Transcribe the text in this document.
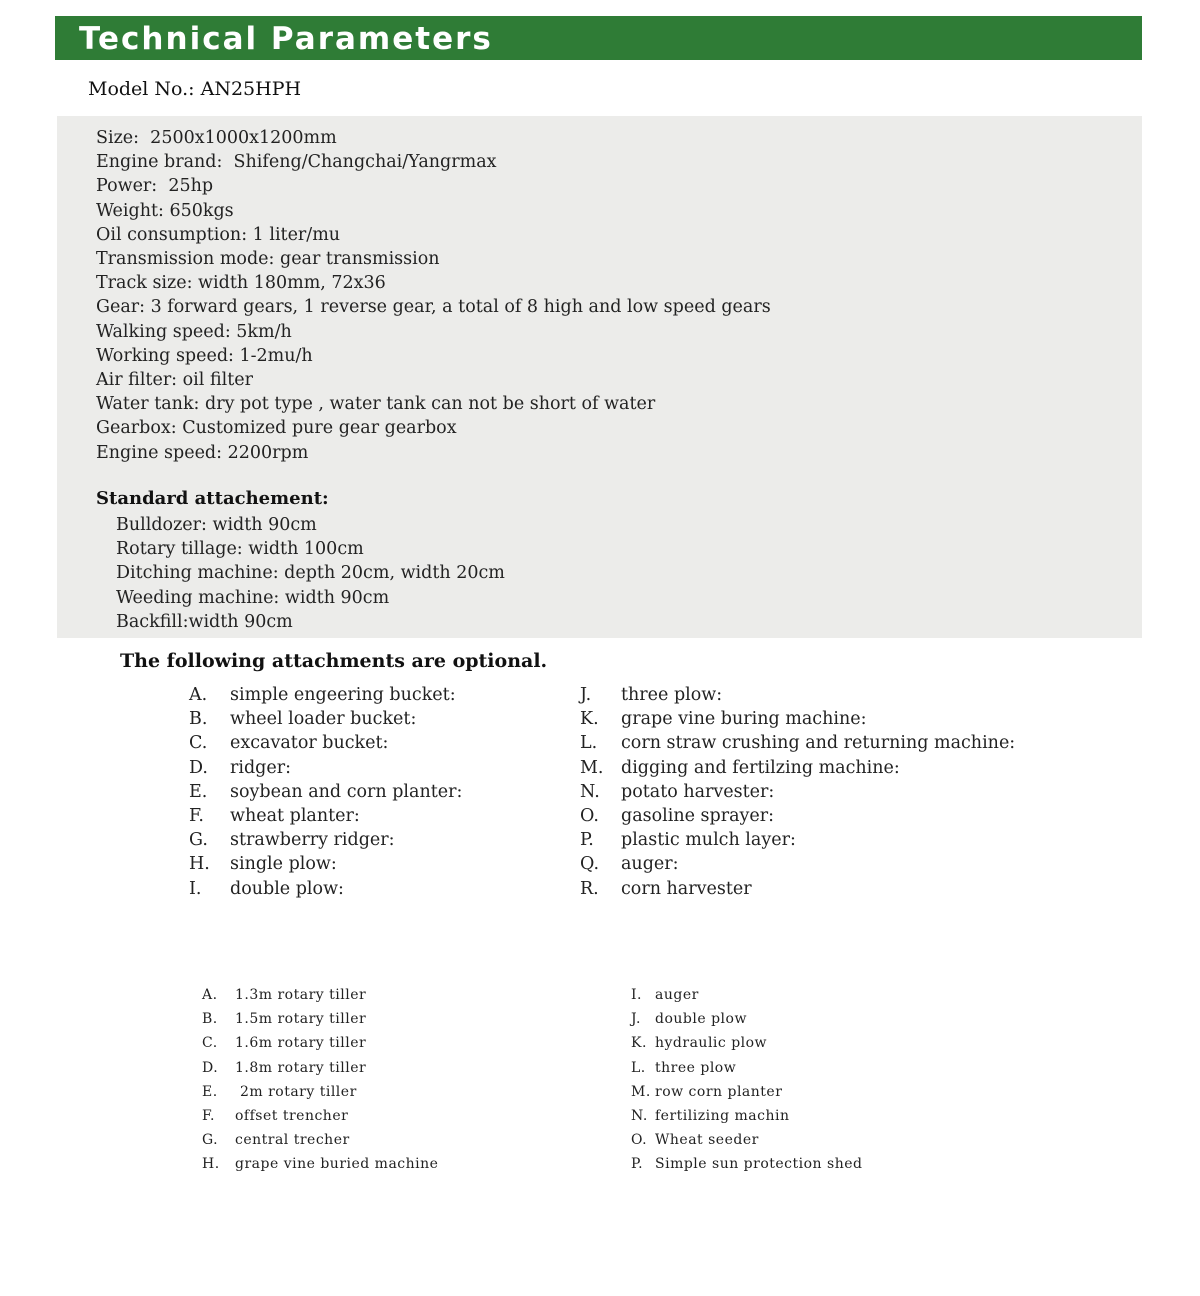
Technical Parameters
Model No.: AN25HPH
Size:  2500x1000x1200mm
Engine brand:  Shifeng/Changchai/Yangrmax
Power:  25hp
Weight: 650kgs
Oil consumption: 1 liter/mu
Transmission mode: gear transmission
Track size: width 180mm, 72x36
Gear: 3 forward gears, 1 reverse gear, a total of 8 high and low speed gears
Walking speed: 5km/h
Working speed: 1-2mu/h
Air filter: oil filter
Water tank: dry pot type , water tank can not be short of water
Gearbox: Customized pure gear gearbox
Engine speed: 2200rpm
Standard attachement:
Bulldozer: width 90cm
Rotary tillage: width 100cm
Ditching machine: depth 20cm, width 20cm
Weeding machine: width 90cm
Backfill:width 90cm
The following attachments are optional.
A.	simple engeering bucket:
B.	wheel loader bucket:
C.	excavator bucket:
D.	ridger:
E.	soybean and corn planter:
F.	wheat planter:
G.	strawberry ridger:
H.	single plow:
I.	double plow:
J.	three plow:
K.	grape vine buring machine:
L.	corn straw crushing and returning machine:
M.	digging and fertilzing machine:
N.	potato harvester:
O.	gasoline sprayer:
P.	plastic mulch layer:
Q.	auger:
R.	corn harvester
A.	1.3m rotary tiller
B.	1.5m rotary tiller
C.	1.6m rotary tiller
D.	1.8m rotary tiller
E.	2m rotary tiller
F.	offset trencher
G.	central trecher
H.	grape vine buried machine
I. auger
J.	double plow
K. hydraulic plow
L. three plow
M. row corn planter
N. fertilizing machin
O. Wheat seeder
P. Simple sun protection shed
